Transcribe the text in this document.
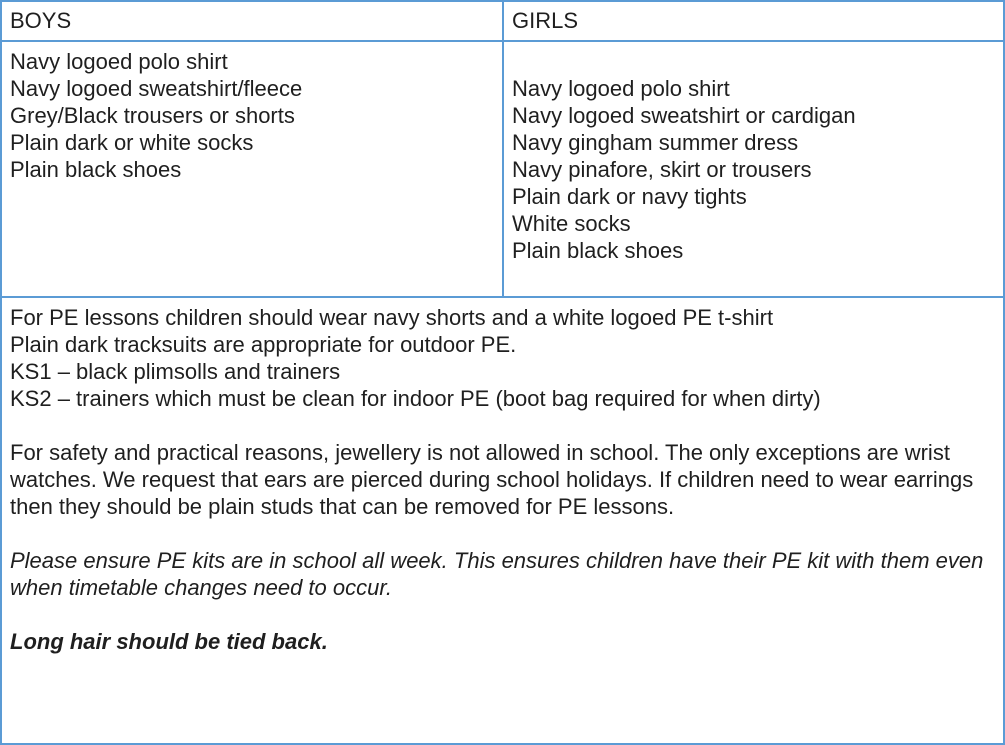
BOYS	GIRLS
Navy logoed polo shirt
Navy logoed sweatshirt/fleece
Grey/Black trousers or shorts
Plain dark or white socks
Plain black shoes
Navy logoed polo shirt
Navy logoed sweatshirt or cardigan
Navy gingham summer dress
Navy pinafore, skirt or trousers
Plain dark or navy tights
White socks
Plain black shoes
For PE lessons children should wear navy shorts and a white logoed PE t-shirt
Plain dark tracksuits are appropriate for outdoor PE.
KS1 – black plimsolls and trainers
KS2 – trainers which must be clean for indoor PE (boot bag required for when dirty)
For safety and practical reasons, jewellery is not allowed in school. The only exceptions are wrist watches. We request that ears are pierced during school holidays. If children need to wear earrings then they should be plain studs that can be removed for PE lessons.
Please ensure PE kits are in school all week. This ensures children have their PE kit with them even when timetable changes need to occur.
Long hair should be tied back.
